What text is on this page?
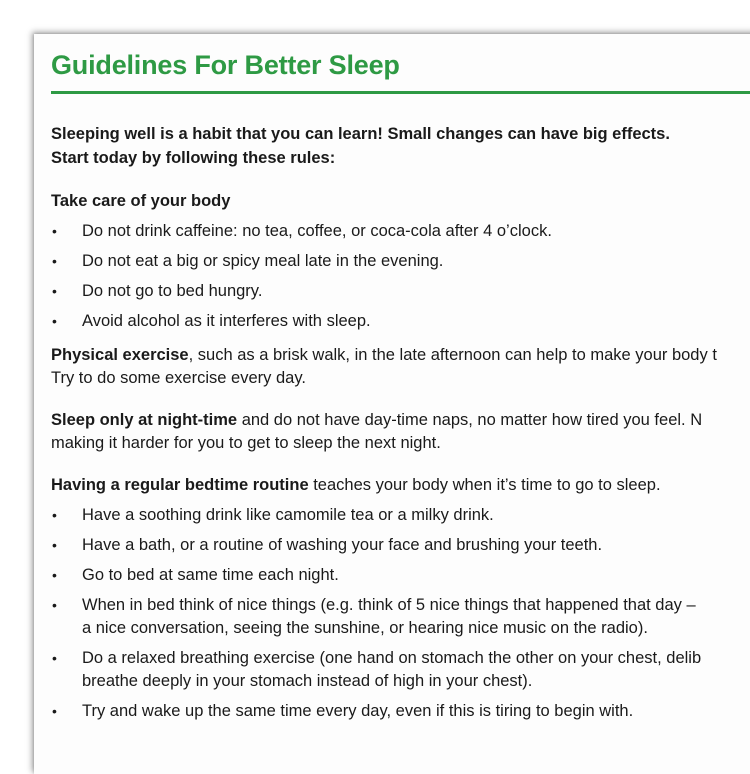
Guidelines For Better Sleep
Sleeping well is a habit that you can learn! Small changes can have big effects.
Start today by following these rules:
Take care of your body
• Do not drink caffeine: no tea, coffee, or coca-cola after 4 o’clock.
• Do not eat a big or spicy meal late in the evening.
• Do not go to bed hungry.
• Avoid alcohol as it interferes with sleep.
Physical exercise, such as a brisk walk, in the late afternoon can help to make your body t
Try to do some exercise every day.
Sleep only at night-time and do not have day-time naps, no matter how tired you feel. N
making it harder for you to get to sleep the next night.
Having a regular bedtime routine teaches your body when it’s time to go to sleep.
• Have a soothing drink like camomile tea or a milky drink.
• Have a bath, or a routine of washing your face and brushing your teeth.
• Go to bed at same time each night.
• When in bed think of nice things (e.g. think of 5 nice things that happened that day –
a nice conversation, seeing the sunshine, or hearing nice music on the radio).
• Do a relaxed breathing exercise (one hand on stomach the other on your chest, delib
breathe deeply in your stomach instead of high in your chest).
• Try and wake up the same time every day, even if this is tiring to begin with.
